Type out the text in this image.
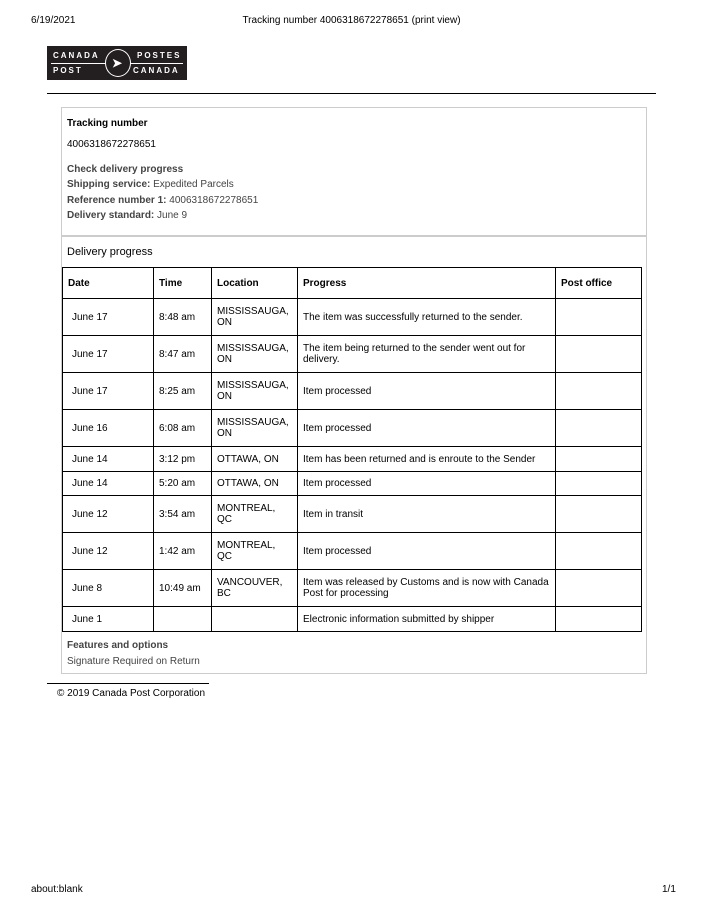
6/19/2021	Tracking number 4006318672278651 (print view)
CANADA
POST
POSTES
CANADA
➤
Tracking number
4006318672278651
Check delivery progress
Shipping service: Expedited Parcels
Reference number 1: 4006318672278651
Delivery standard: June 9
Delivery progress
Features and options
Signature Required on Return
Date	Time	Location	Progress	Post office
June 17	8:48 am	MISSISSAUGA, ON	The item was successfully returned to the sender.	
June 17	8:47 am	MISSISSAUGA, ON	The item being returned to the sender went out for delivery.	
June 17	8:25 am	MISSISSAUGA, ON	Item processed	
June 16	6:08 am	MISSISSAUGA, ON	Item processed	
June 14	3:12 pm	OTTAWA, ON	Item has been returned and is enroute to the Sender	
June 14	5:20 am	OTTAWA, ON	Item processed	
June 12	3:54 am	MONTREAL, QC	Item in transit	
June 12	1:42 am	MONTREAL, QC	Item processed	
June 8	10:49 am	VANCOUVER, BC	Item was released by Customs and is now with Canada Post for processing	
June 1			Electronic information submitted by shipper	
© 2019 Canada Post Corporation
about:blank	1/1
